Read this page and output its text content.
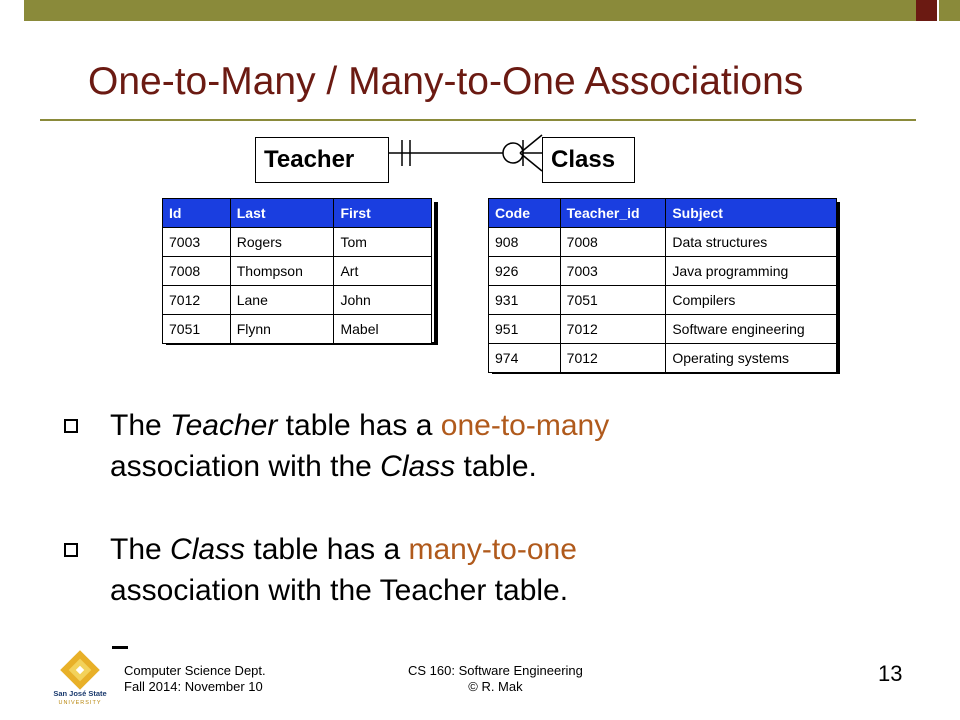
One-to-Many / Many-to-One Associations
Teacher	Class
Id	Last	First
7003	Rogers	Tom
7008	Thompson	Art
7012	Lane	John
7051	Flynn	Mabel
Code	Teacher_id	Subject
908	7008	Data structures
926	7003	Java programming
931	7051	Compilers
951	7012	Software engineering
974	7012	Operating systems
The Teacher table has a one-to-many
association with the Class table.
The Class table has a many-to-one
association with the Teacher table.
San José State
UNIVERSITY
Computer Science Dept.
Fall 2014: November 10
CS 160: Software Engineering
© R. Mak
13
